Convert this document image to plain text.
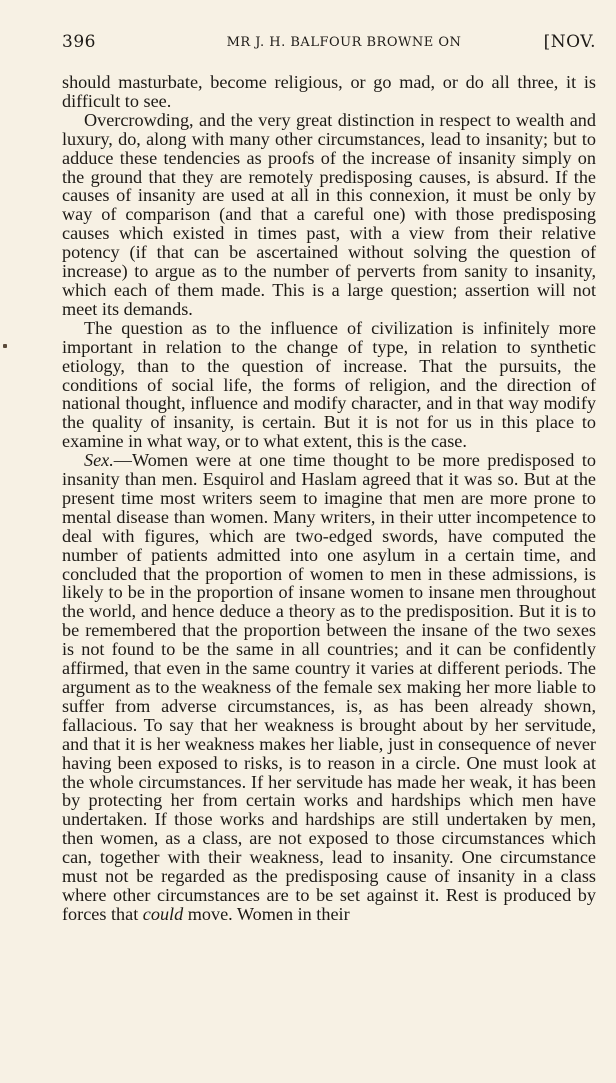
396	MR J. H. BALFOUR BROWNE ON	[NOV.

should masturbate, become religious, or go mad, or do all three, it is difficult to see.

Overcrowding, and the very great distinction in respect to wealth and luxury, do, along with many other circumstances, lead to insanity; but to adduce these tendencies as proofs of the increase of insanity simply on the ground that they are remotely predisposing causes, is absurd. If the causes of insanity are used at all in this connexion, it must be only by way of comparison (and that a careful one) with those predisposing causes which existed in times past, with a view from their relative potency (if that can be ascertained without solving the question of increase) to argue as to the number of perverts from sanity to insanity, which each of them made. This is a large question; assertion will not meet its demands.

The question as to the influence of civilization is infinitely more important in relation to the change of type, in relation to synthetic etiology, than to the question of increase. That the pursuits, the conditions of social life, the forms of religion, and the direction of national thought, influence and modify character, and in that way modify the quality of insanity, is certain. But it is not for us in this place to examine in what way, or to what extent, this is the case.

Sex.—Women were at one time thought to be more predisposed to insanity than men. Esquirol and Haslam agreed that it was so. But at the present time most writers seem to imagine that men are more prone to mental disease than women. Many writers, in their utter incompetence to deal with figures, which are two-edged swords, have computed the number of patients admitted into one asylum in a certain time, and concluded that the proportion of women to men in these admissions, is likely to be in the proportion of insane women to insane men throughout the world, and hence deduce a theory as to the predisposition. But it is to be remembered that the proportion between the insane of the two sexes is not found to be the same in all countries; and it can be confidently affirmed, that even in the same country it varies at different periods. The argument as to the weakness of the female sex making her more liable to suffer from adverse circumstances, is, as has been already shown, fallacious. To say that her weakness is brought about by her servitude, and that it is her weakness makes her liable, just in consequence of never having been exposed to risks, is to reason in a circle. One must look at the whole circumstances. If her servitude has made her weak, it has been by protecting her from certain works and hardships which men have undertaken. If those works and hardships are still undertaken by men, then women, as a class, are not exposed to those circumstances which can, together with their weakness, lead to insanity. One circumstance must not be regarded as the predisposing cause of insanity in a class where other circumstances are to be set against it. Rest is produced by forces that could move. Women in their
